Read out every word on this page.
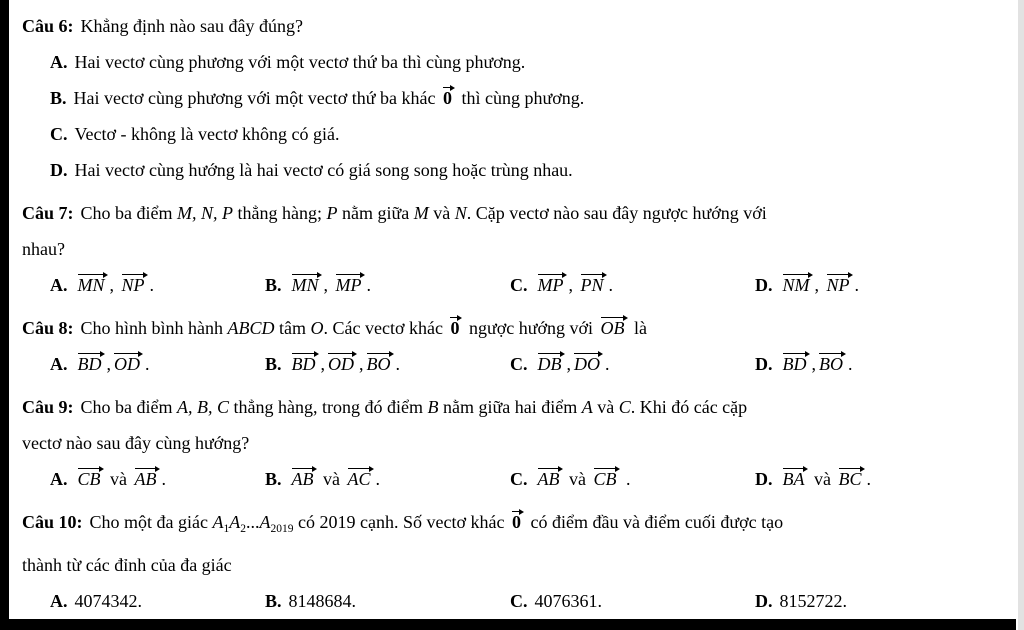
Câu 6: Khẳng định nào sau đây đúng?

A. Hai vectơ cùng phương với một vectơ thứ ba thì cùng phương.

B. Hai vectơ cùng phương với một vectơ thứ ba khác 0 thì cùng phương.

C. Vectơ - không là vectơ không có giá.

D. Hai vectơ cùng hướng là hai vectơ có giá song song hoặc trùng nhau.

Câu 7: Cho ba điểm M, N, P thẳng hàng; P nằm giữa M và N. Cặp vectơ nào sau đây ngược hướng với
nhau?

A. MN , NP .	B. MN , MP .	C. MP , PN .	D. NM , NP .

Câu 8: Cho hình bình hành ABCD tâm O. Các vectơ khác 0 ngược hướng với OB là

A. BD , OD .	B. BD , OD , BO .	C. DB , DO .	D. BD , BO .

Câu 9: Cho ba điểm A, B, C thẳng hàng, trong đó điểm B nằm giữa hai điểm A và C. Khi đó các cặp
vectơ nào sau đây cùng hướng?

A. CB và AB .	B. AB và AC .	C. AB và CB .	D. BA và BC .

Câu 10: Cho một đa giác $A_1A_2...A_{2019}$ có 2019 cạnh. Số vectơ khác 0 có điểm đầu và điểm cuối được tạo
thành từ các đỉnh của đa giác

A. 4074342.	B. 8148684.	C. 4076361.	D. 8152722.
